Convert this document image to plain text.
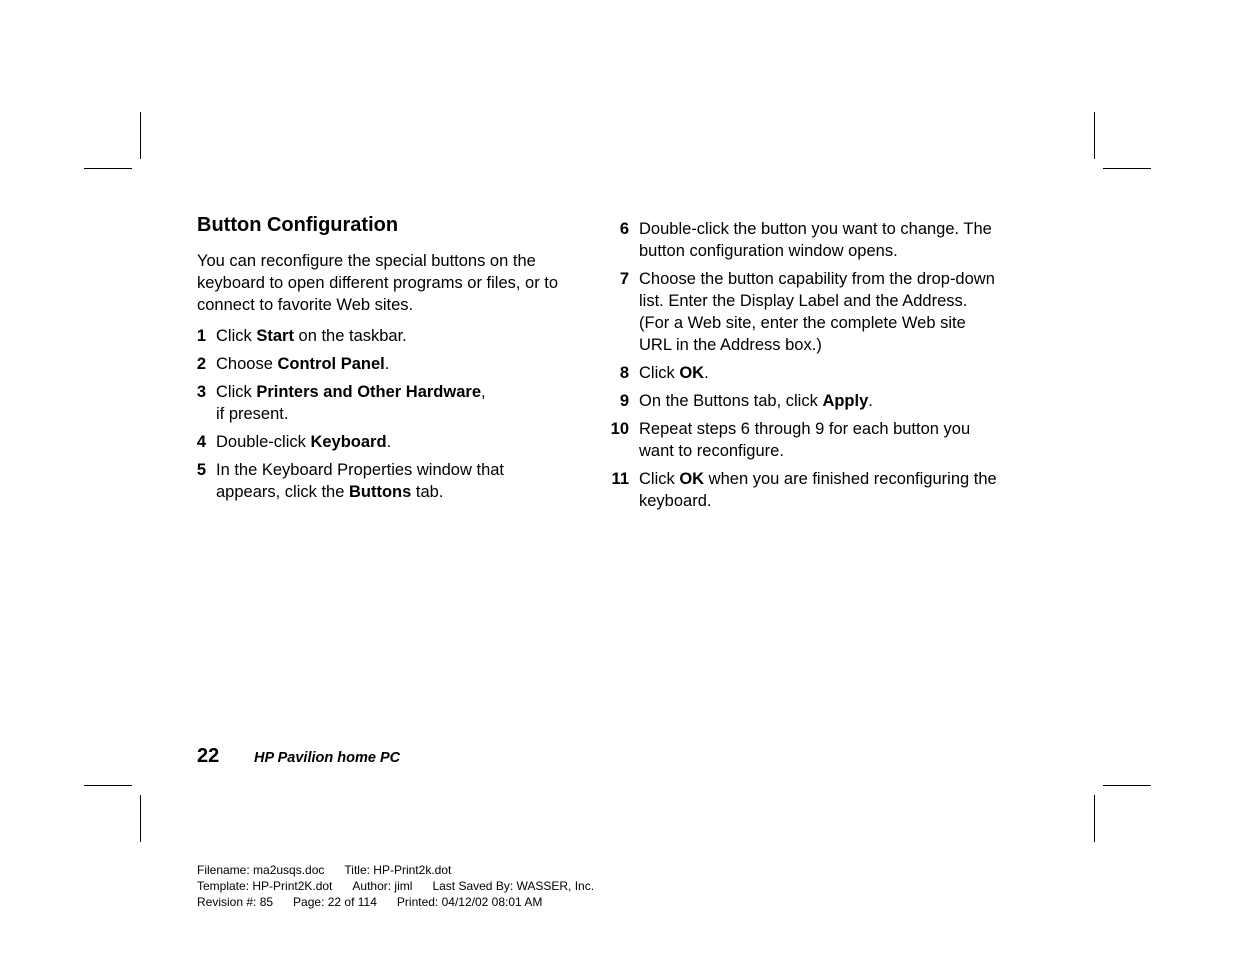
Button Configuration

You can reconfigure the special buttons on the keyboard to open different programs or files, or to connect to favorite Web sites.

1 Click Start on the taskbar.
2 Choose Control Panel.
3 Click Printers and Other Hardware,
if present.
4 Double-click Keyboard.
5 In the Keyboard Properties window that appears, click the Buttons tab.
6 Double-click the button you want to change. The button configuration window opens.
7 Choose the button capability from the drop-down list. Enter the Display Label and the Address. (For a Web site, enter the complete Web site URL in the Address box.)
8 Click OK.
9 On the Buttons tab, click Apply.
10 Repeat steps 6 through 9 for each button you want to reconfigure.
11 Click OK when you are finished reconfiguring the keyboard.
22 HP Pavilion home PC
Filename: ma2usqs.doc Title: HP-Print2k.dot
Template: HP-Print2K.dot Author: jiml Last Saved By: WASSER, Inc.
Revision #: 85 Page: 22 of 114 Printed: 04/12/02 08:01 AM
